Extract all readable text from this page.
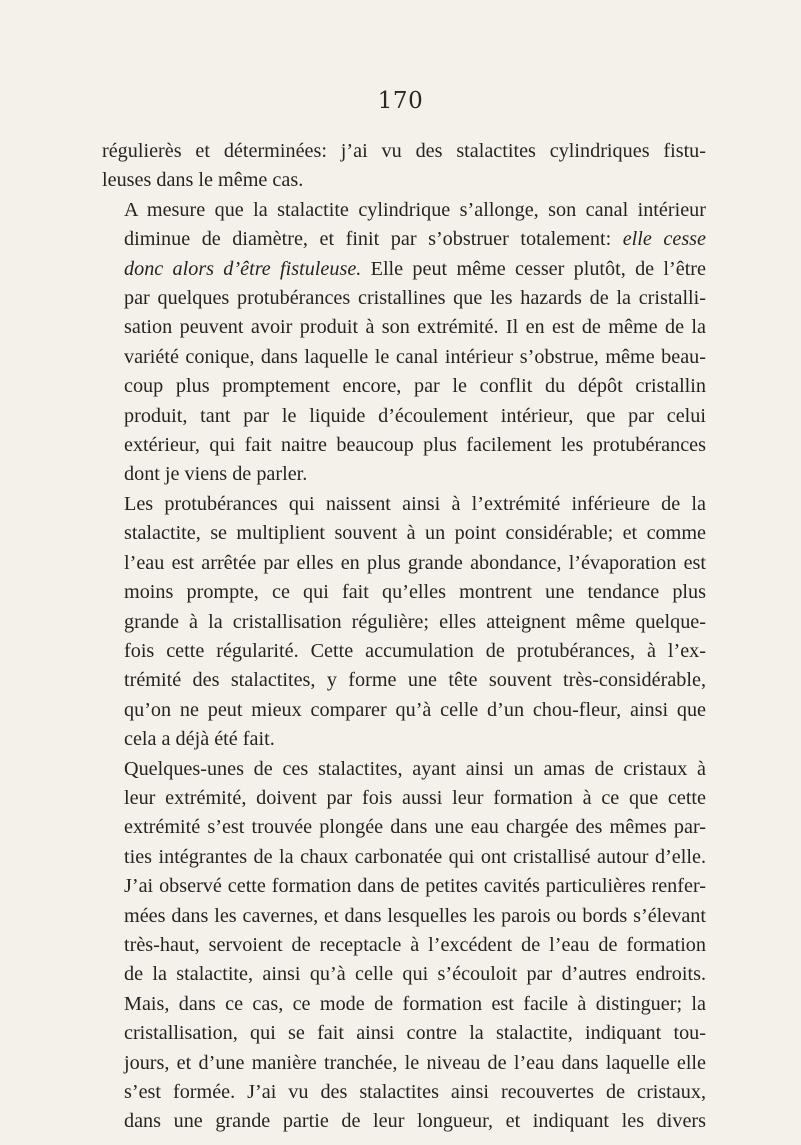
170

régulierès et déterminées: j’ai vu des stalactites cylindriques fistu-
leuses dans le même cas.

A mesure que la stalactite cylindrique s’allonge, son canal intérieur
diminue de diamètre, et finit par s’obstruer totalement: elle cesse
donc alors d’être fistuleuse. Elle peut même cesser plutôt, de l’être
par quelques protubérances cristallines que les hazards de la cristalli-
sation peuvent avoir produit à son extrémité. Il en est de même de la
variété conique, dans laquelle le canal intérieur s’obstrue, même beau-
coup plus promptement encore, par le conflit du dépôt cristallin
produit, tant par le liquide d’écoulement intérieur, que par celui
extérieur, qui fait naitre beaucoup plus facilement les protubérances
dont je viens de parler.

Les protubérances qui naissent ainsi à l’extrémité inférieure de la
stalactite, se multiplient souvent à un point considérable; et comme
l’eau est arrêtée par elles en plus grande abondance, l’évaporation est
moins prompte, ce qui fait qu’elles montrent une tendance plus
grande à la cristallisation régulière; elles atteignent même quelque-
fois cette régularité. Cette accumulation de protubérances, à l’ex-
trémité des stalactites, y forme une tête souvent très-considérable,
qu’on ne peut mieux comparer qu’à celle d’un chou-fleur, ainsi que
cela a déjà été fait.

Quelques-unes de ces stalactites, ayant ainsi un amas de cristaux à
leur extrémité, doivent par fois aussi leur formation à ce que cette
extrémité s’est trouvée plongée dans une eau chargée des mêmes par-
ties intégrantes de la chaux carbonatée qui ont cristallisé autour d’elle.
J’ai observé cette formation dans de petites cavités particulières renfer-
mées dans les cavernes, et dans lesquelles les parois ou bords s’élevant
très-haut, servoient de receptacle à l’excédent de l’eau de formation
de la stalactite, ainsi qu’à celle qui s’écouloit par d’autres endroits.
Mais, dans ce cas, ce mode de formation est facile à distinguer; la
cristallisation, qui se fait ainsi contre la stalactite, indiquant tou-
jours, et d’une manière tranchée, le niveau de l’eau dans laquelle elle
s’est formée. J’ai vu des stalactites ainsi recouvertes de cristaux,
dans une grande partie de leur longueur, et indiquant les divers
